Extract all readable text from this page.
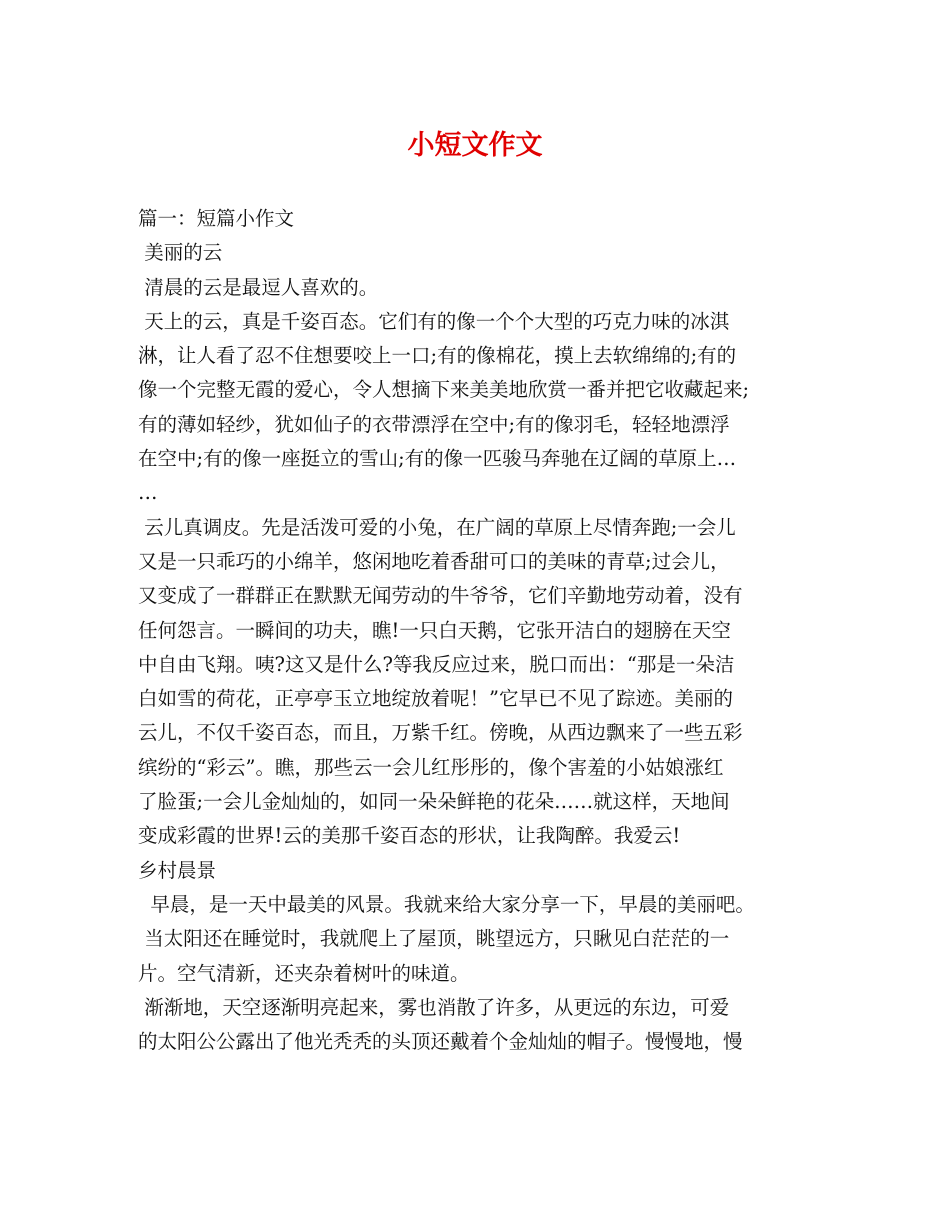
小短文作文
篇一：短篇小作文
美丽的云
清晨的云是最逗人喜欢的。
天上的云，真是千姿百态。它们有的像一个个大型的巧克力味的冰淇
淋，让人看了忍不住想要咬上一口;有的像棉花，摸上去软绵绵的;有的
像一个完整无霞的爱心，令人想摘下来美美地欣赏一番并把它收藏起来;
有的薄如轻纱，犹如仙子的衣带漂浮在空中;有的像羽毛，轻轻地漂浮
在空中;有的像一座挺立的雪山;有的像一匹骏马奔驰在辽阔的草原上…
…
云儿真调皮。先是活泼可爱的小兔，在广阔的草原上尽情奔跑;一会儿
又是一只乖巧的小绵羊，悠闲地吃着香甜可口的美味的青草;过会儿，
又变成了一群群正在默默无闻劳动的牛爷爷，它们辛勤地劳动着，没有
任何怨言。一瞬间的功夫，瞧!一只白天鹅，它张开洁白的翅膀在天空
中自由飞翔。咦?这又是什么?等我反应过来，脱口而出：“那是一朵洁
白如雪的荷花，正亭亭玉立地绽放着呢！”它早已不见了踪迹。美丽的
云儿，不仅千姿百态，而且，万紫千红。傍晚，从西边飘来了一些五彩
缤纷的“彩云”。瞧，那些云一会儿红彤彤的，像个害羞的小姑娘涨红
了脸蛋;一会儿金灿灿的，如同一朵朵鲜艳的花朵……就这样，天地间
变成彩霞的世界!云的美那千姿百态的形状，让我陶醉。我爱云!
乡村晨景
早晨，是一天中最美的风景。我就来给大家分享一下，早晨的美丽吧。
当太阳还在睡觉时，我就爬上了屋顶，眺望远方，只瞅见白茫茫的一
片。空气清新，还夹杂着树叶的味道。
渐渐地，天空逐渐明亮起来，雾也消散了许多，从更远的东边，可爱
的太阳公公露出了他光秃秃的头顶还戴着个金灿灿的帽子。慢慢地，慢
